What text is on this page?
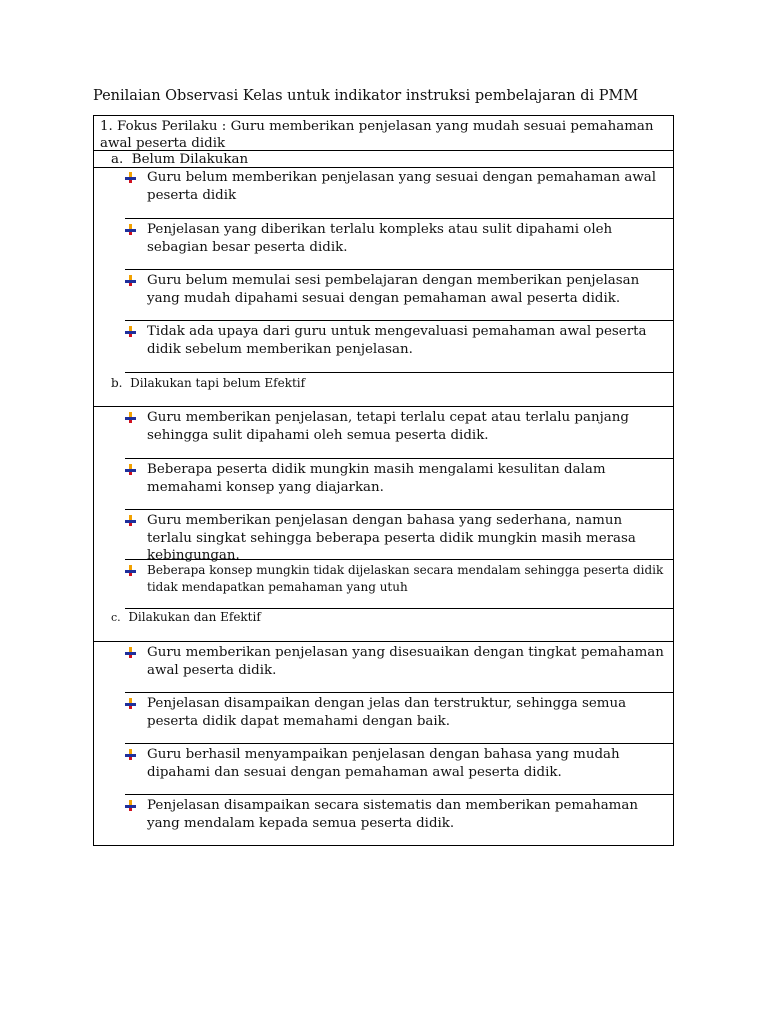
Penilaian Observasi Kelas untuk indikator instruksi pembelajaran di PMM
1. Fokus Perilaku : Guru memberikan penjelasan yang mudah sesuai pemahaman awal peserta didik
a. Belum Dilakukan
Guru belum memberikan penjelasan yang sesuai dengan pemahaman awal peserta didik
Penjelasan yang diberikan terlalu kompleks atau sulit dipahami oleh sebagian besar peserta didik.
Guru belum memulai sesi pembelajaran dengan memberikan penjelasan yang mudah dipahami sesuai dengan pemahaman awal peserta didik.
Tidak ada upaya dari guru untuk mengevaluasi pemahaman awal peserta didik sebelum memberikan penjelasan.
b. Dilakukan tapi belum Efektif
Guru memberikan penjelasan, tetapi terlalu cepat atau terlalu panjang sehingga sulit dipahami oleh semua peserta didik.
Beberapa peserta didik mungkin masih mengalami kesulitan dalam memahami konsep yang diajarkan.
Guru memberikan penjelasan dengan bahasa yang sederhana, namun terlalu singkat sehingga beberapa peserta didik mungkin masih merasa kebingungan.
Beberapa konsep mungkin tidak dijelaskan secara mendalam sehingga peserta didik tidak mendapatkan pemahaman yang utuh
c. Dilakukan dan Efektif
Guru memberikan penjelasan yang disesuaikan dengan tingkat pemahaman awal peserta didik.
Penjelasan disampaikan dengan jelas dan terstruktur, sehingga semua peserta didik dapat memahami dengan baik.
Guru berhasil menyampaikan penjelasan dengan bahasa yang mudah dipahami dan sesuai dengan pemahaman awal peserta didik.
Penjelasan disampaikan secara sistematis dan memberikan pemahaman yang mendalam kepada semua peserta didik.
